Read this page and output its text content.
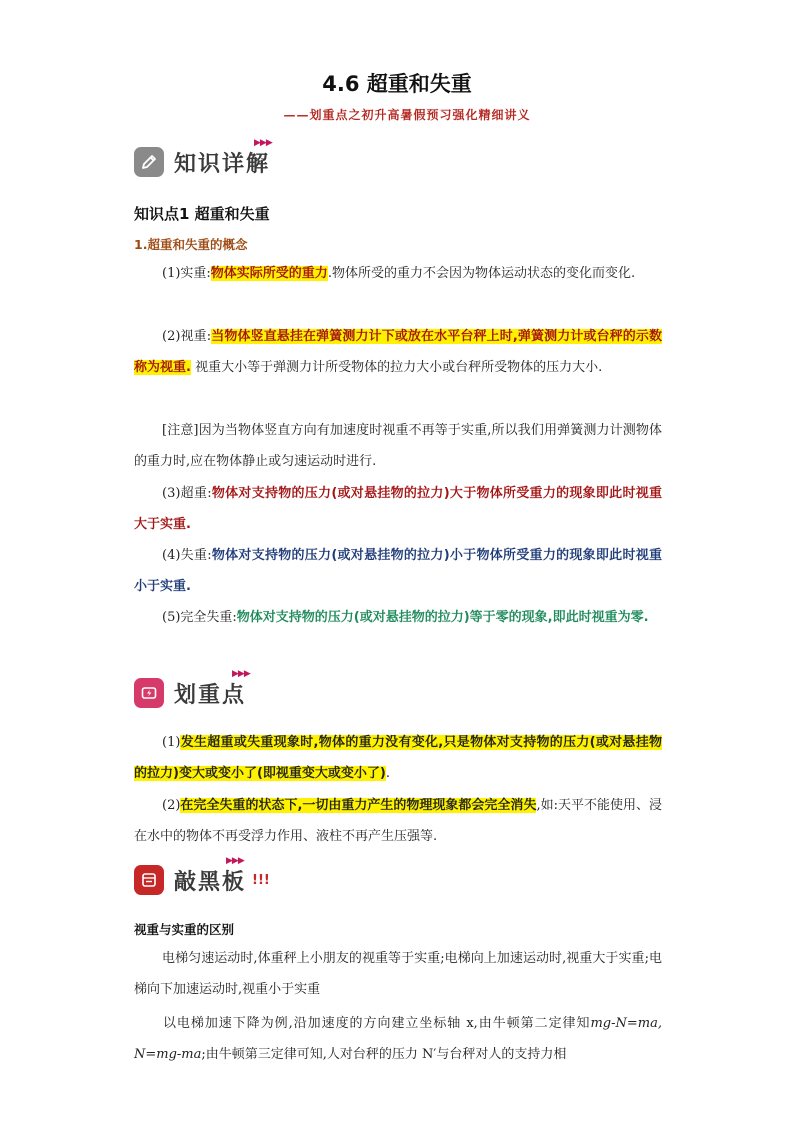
4.6 超重和失重
——划重点之初升高暑假预习强化精细讲义
知识详解
▶▶▶
知识点1 超重和失重
1.超重和失重的概念
(1)实重:物体实际所受的重力.物体所受的重力不会因为物体运动状态的变化而变化.
(2)视重:当物体竖直悬挂在弹簧测力计下或放在水平台秤上时,弹簧测力计或台秤的示数称为视重. 视重大小等于弹测力计所受物体的拉力大小或台秤所受物体的压力大小.
[注意]因为当物体竖直方向有加速度时视重不再等于实重,所以我们用弹簧测力计测物体的重力时,应在物体静止或匀速运动时进行.
(3)超重:物体对支持物的压力(或对悬挂物的拉力)大于物体所受重力的现象即此时视重大于实重.
(4)失重:物体对支持物的压力(或对悬挂物的拉力)小于物体所受重力的现象即此时视重小于实重.
(5)完全失重:物体对支持物的压力(或对悬挂物的拉力)等于零的现象,即此时视重为零.
划重点
▶▶▶
(1)发生超重或失重现象时,物体的重力没有变化,只是物体对支持物的压力(或对悬挂物的拉力)变大或变小了(即视重变大或变小了).
(2)在完全失重的状态下,一切由重力产生的物理现象都会完全消失,如:天平不能使用、浸在水中的物体不再受浮力作用、液柱不再产生压强等.
敲黑板 !!!
▶▶▶
视重与实重的区别
电梯匀速运动时,体重秤上小朋友的视重等于实重;电梯向上加速运动时,视重大于实重;电梯向下加速运动时,视重小于实重
以电梯加速下降为例,沿加速度的方向建立坐标轴 x,由牛顿第二定律知mg-N=ma, N=mg-ma;由牛顿第三定律可知,人对台秤的压力 N′与台秤对人的支持力相
